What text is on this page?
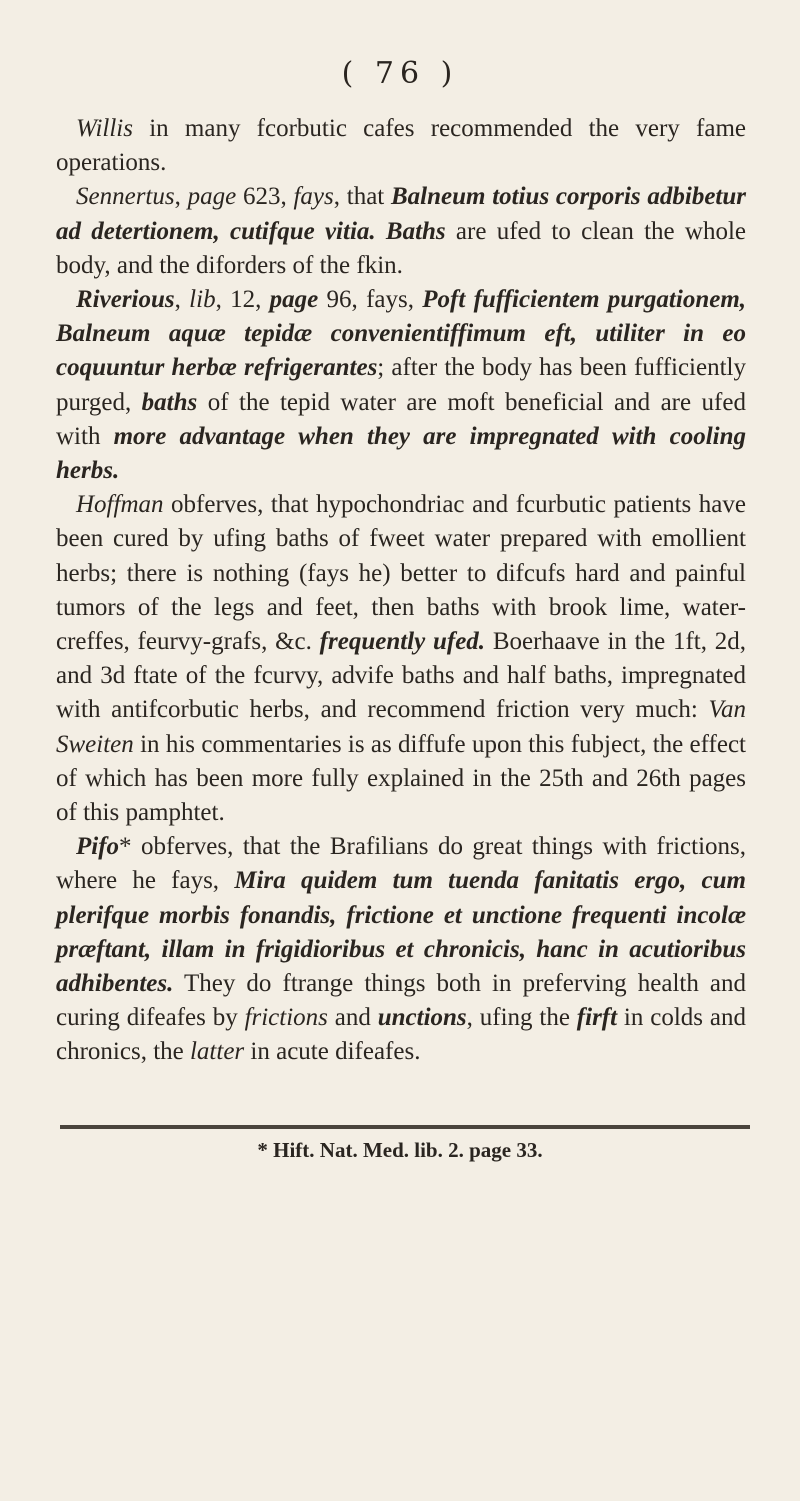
( 76 )

Willis in many fcorbutic cafes recommended the very fame operations.

Sennertus, page 623, fays, that Balneum totius corporis adbibetur ad detertionem, cutifque vitia. Baths are ufed to clean the whole body, and the diforders of the fkin.

Riverious, lib, 12, page 96, fays, Poft fufficientem purgationem, Balneum aquæ tepidæ convenientiffimum eft, utiliter in eo coquuntur herbæ refrigerantes; after the body has been fufficiently purged, baths of the tepid water are moft beneficial and are ufed with more advantage when they are impregnated with cooling herbs.

Hoffman obferves, that hypochondriac and fcurbutic patients have been cured by ufing baths of fweet water prepared with emollient herbs; there is nothing (fays he) better to difcufs hard and painful tumors of the legs and feet, then baths with brook lime, water-creffes, feurvy-grafs, &c. frequently ufed. Boerhaave in the 1ft, 2d, and 3d ftate of the fcurvy, advife baths and half baths, impregnated with antifcorbutic herbs, and recommend friction very much: Van Sweiten in his commentaries is as diffufe upon this fubject, the effect of which has been more fully explained in the 25th and 26th pages of this pamphtet.

Pifo* obferves, that the Brafilians do great things with frictions, where he fays, Mira quidem tum tuenda fanitatis ergo, cum plerifque morbis fonandis, frictione et unctione frequenti incolæ præftant, illam in frigidioribus et chronicis, hanc in acutioribus adhibentes. They do ftrange things both in preferving health and curing difeafes by frictions and unctions, ufing the firft in colds and chronics, the latter in acute difeafes.

* Hift. Nat. Med. lib. 2. page 33.
